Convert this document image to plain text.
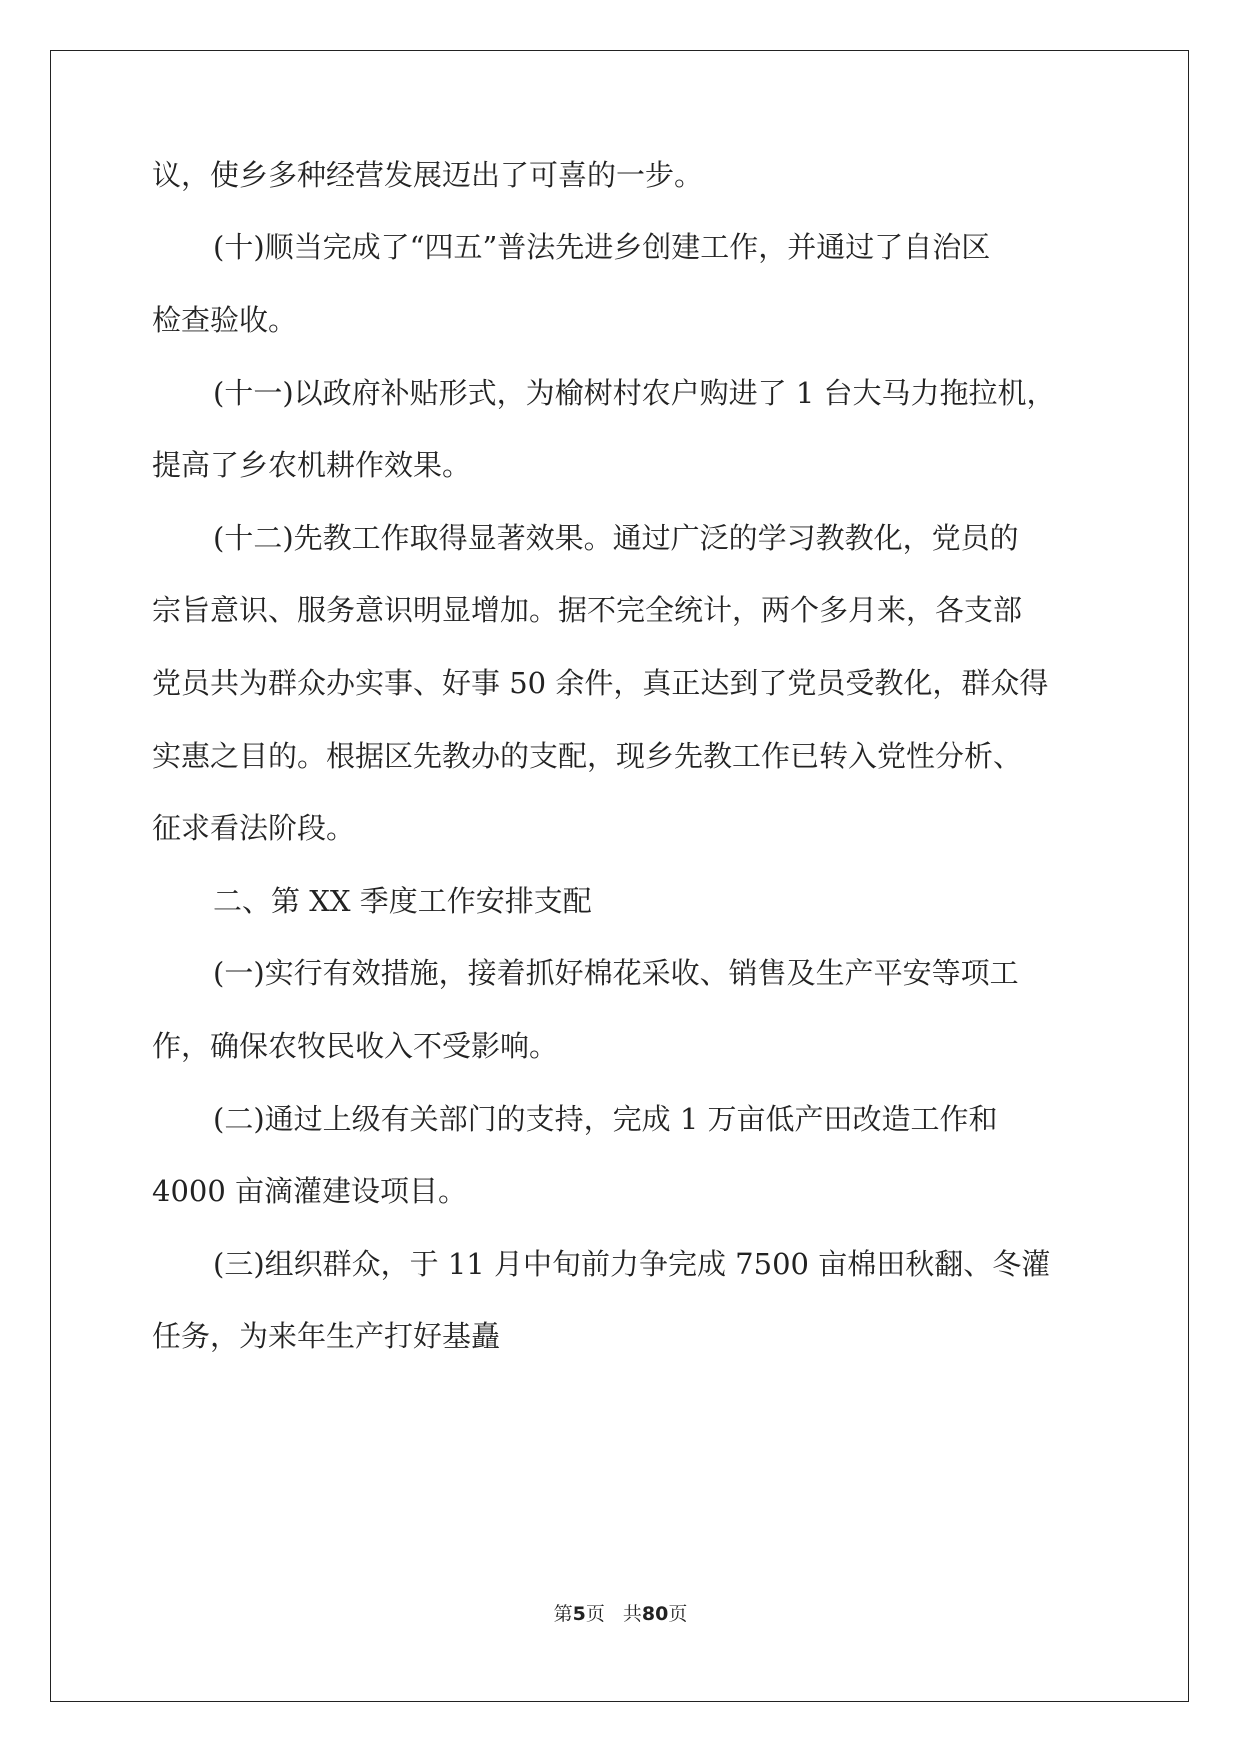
议，使乡多种经营发展迈出了可喜的一步。
(十)顺当完成了“四五”普法先进乡创建工作，并通过了自治区
检查验收。
(十一)以政府补贴形式，为榆树村农户购进了 1 台大马力拖拉机，
提高了乡农机耕作效果。
(十二)先教工作取得显著效果。通过广泛的学习教教化，党员的
宗旨意识、服务意识明显增加。据不完全统计，两个多月来，各支部
党员共为群众办实事、好事 50 余件，真正达到了党员受教化，群众得
实惠之目的。根据区先教办的支配，现乡先教工作已转入党性分析、
征求看法阶段。
二、第 XX 季度工作安排支配
(一)实行有效措施，接着抓好棉花采收、销售及生产平安等项工
作，确保农牧民收入不受影响。
(二)通过上级有关部门的支持，完成 1 万亩低产田改造工作和
4000 亩滴灌建设项目。
(三)组织群众，于 11 月中旬前力争完成 7500 亩棉田秋翻、冬灌
任务，为来年生产打好基矗
第5页 共80页
